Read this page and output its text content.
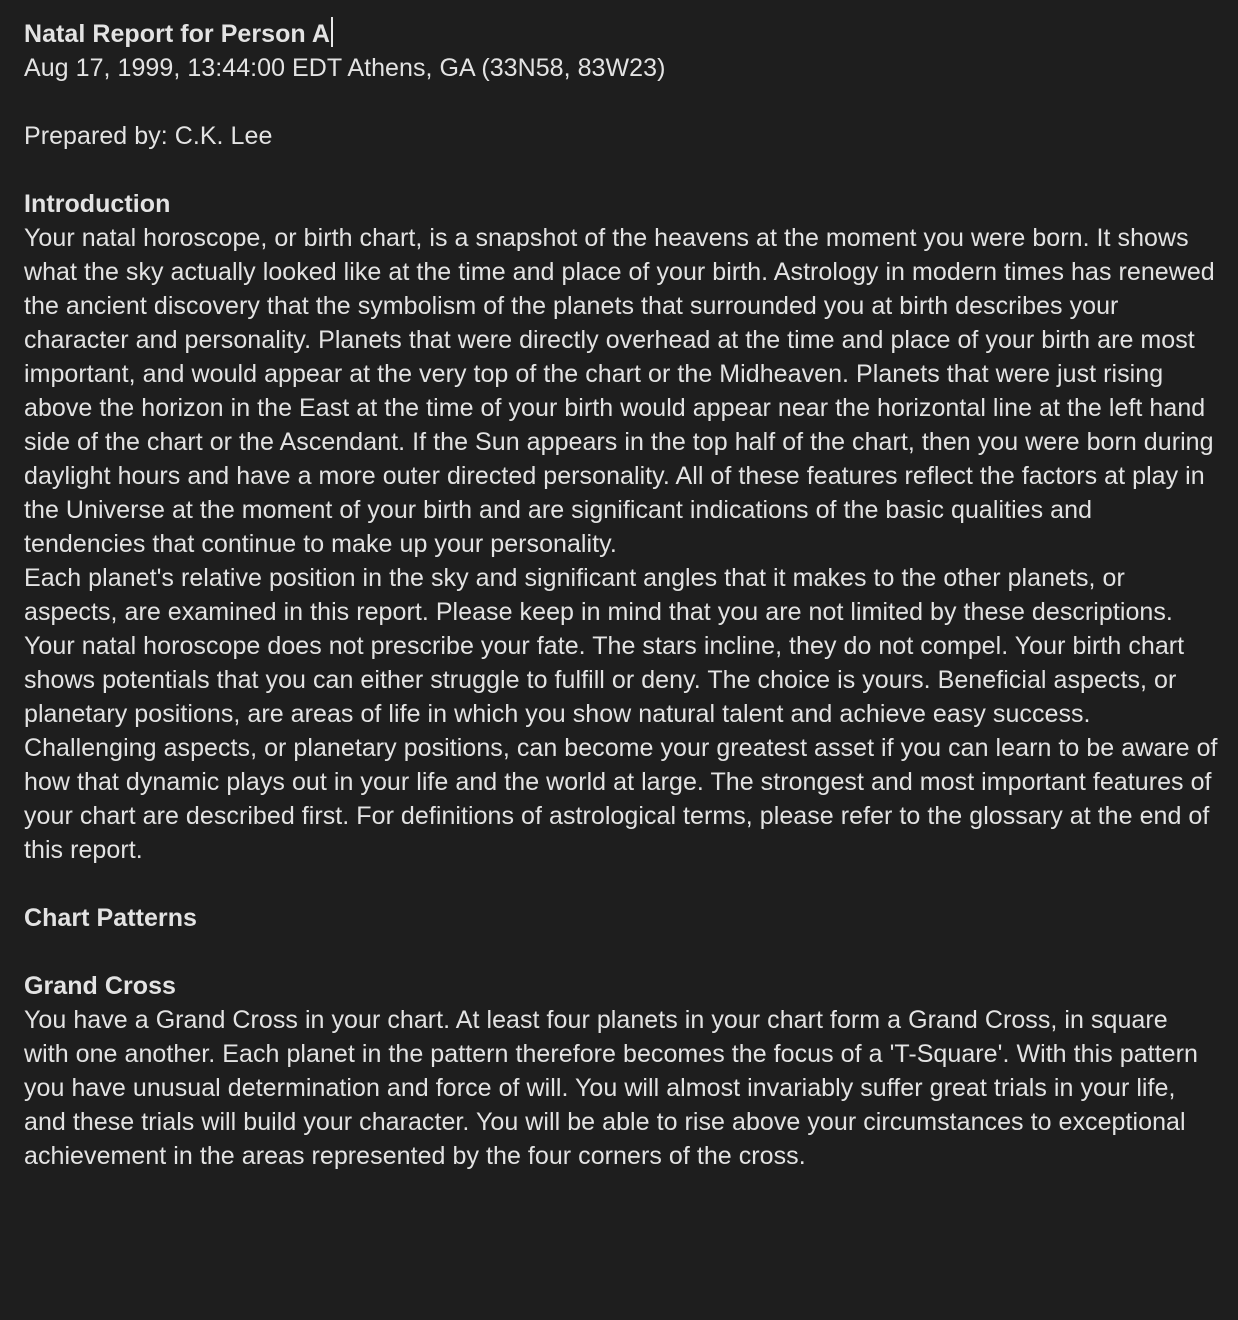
Natal Report for Person A
Aug 17, 1999, 13:44:00 EDT Athens, GA (33N58, 83W23)
Prepared by: C.K. Lee
Introduction
Your natal horoscope, or birth chart, is a snapshot of the heavens at the moment you were born. It shows what the sky actually looked like at the time and place of your birth. Astrology in modern times has renewed the ancient discovery that the symbolism of the planets that surrounded you at birth describes your character and personality. Planets that were directly overhead at the time and place of your birth are most important, and would appear at the very top of the chart or the Midheaven. Planets that were just rising above the horizon in the East at the time of your birth would appear near the horizontal line at the left hand side of the chart or the Ascendant. If the Sun appears in the top half of the chart, then you were born during daylight hours and have a more outer directed personality. All of these features reflect the factors at play in the Universe at the moment of your birth and are significant indications of the basic qualities and tendencies that continue to make up your personality.
Each planet's relative position in the sky and significant angles that it makes to the other planets, or aspects, are examined in this report. Please keep in mind that you are not limited by these descriptions. Your natal horoscope does not prescribe your fate. The stars incline, they do not compel. Your birth chart shows potentials that you can either struggle to fulfill or deny. The choice is yours. Beneficial aspects, or planetary positions, are areas of life in which you show natural talent and achieve easy success. Challenging aspects, or planetary positions, can become your greatest asset if you can learn to be aware of how that dynamic plays out in your life and the world at large. The strongest and most important features of your chart are described first. For definitions of astrological terms, please refer to the glossary at the end of this report.
Chart Patterns
Grand Cross
You have a Grand Cross in your chart. At least four planets in your chart form a Grand Cross, in square with one another. Each planet in the pattern therefore becomes the focus of a 'T-Square'. With this pattern you have unusual determination and force of will. You will almost invariably suffer great trials in your life, and these trials will build your character. You will be able to rise above your circumstances to exceptional achievement in the areas represented by the four corners of the cross.
